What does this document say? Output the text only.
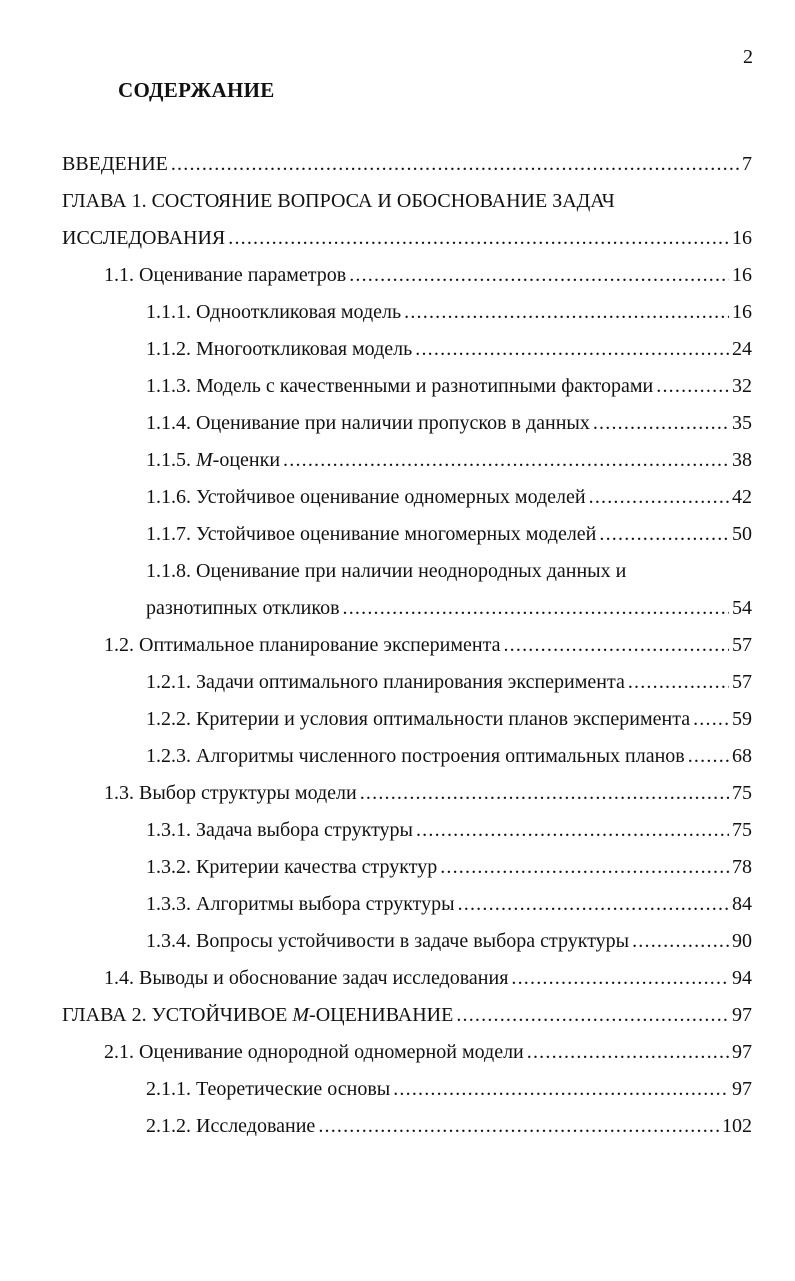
2
СОДЕРЖАНИЕ
ВВЕДЕНИЕ .....	7
ГЛАВА 1. СОСТОЯНИЕ ВОПРОСА И ОБОСНОВАНИЕ ЗАДАЧ
ИССЛЕДОВАНИЯ .....	16
1.1. Оценивание параметров .....	16
1.1.1. Однооткликовая модель .....	16
1.1.2. Многооткликовая модель .....	24
1.1.3. Модель с качественными и разнотипными факторами .....	32
1.1.4. Оценивание при наличии пропусков в данных .....	35
1.1.5. M-оценки .....	38
1.1.6. Устойчивое оценивание одномерных моделей .....	42
1.1.7. Устойчивое оценивание многомерных моделей .....	50
1.1.8. Оценивание при наличии неоднородных данных и
разнотипных откликов .....	54
1.2. Оптимальное планирование эксперимента .....	57
1.2.1. Задачи оптимального планирования эксперимента .....	57
1.2.2. Критерии и условия оптимальности планов эксперимента ..... 59
1.2.3. Алгоритмы численного построения оптимальных планов ..... 68
1.3. Выбор структуры модели .....	75
1.3.1. Задача выбора структуры .....	75
1.3.2. Критерии качества структур .....	78
1.3.3. Алгоритмы выбора структуры .....	84
1.3.4. Вопросы устойчивости в задаче выбора структуры .....	90
1.4. Выводы и обоснование задач исследования .....	94
ГЛАВА 2. УСТОЙЧИВОЕ M-ОЦЕНИВАНИЕ .....	97
2.1. Оценивание однородной одномерной модели .....	97
2.1.1. Теоретические основы .....	97
2.1.2. Исследование .....	102
